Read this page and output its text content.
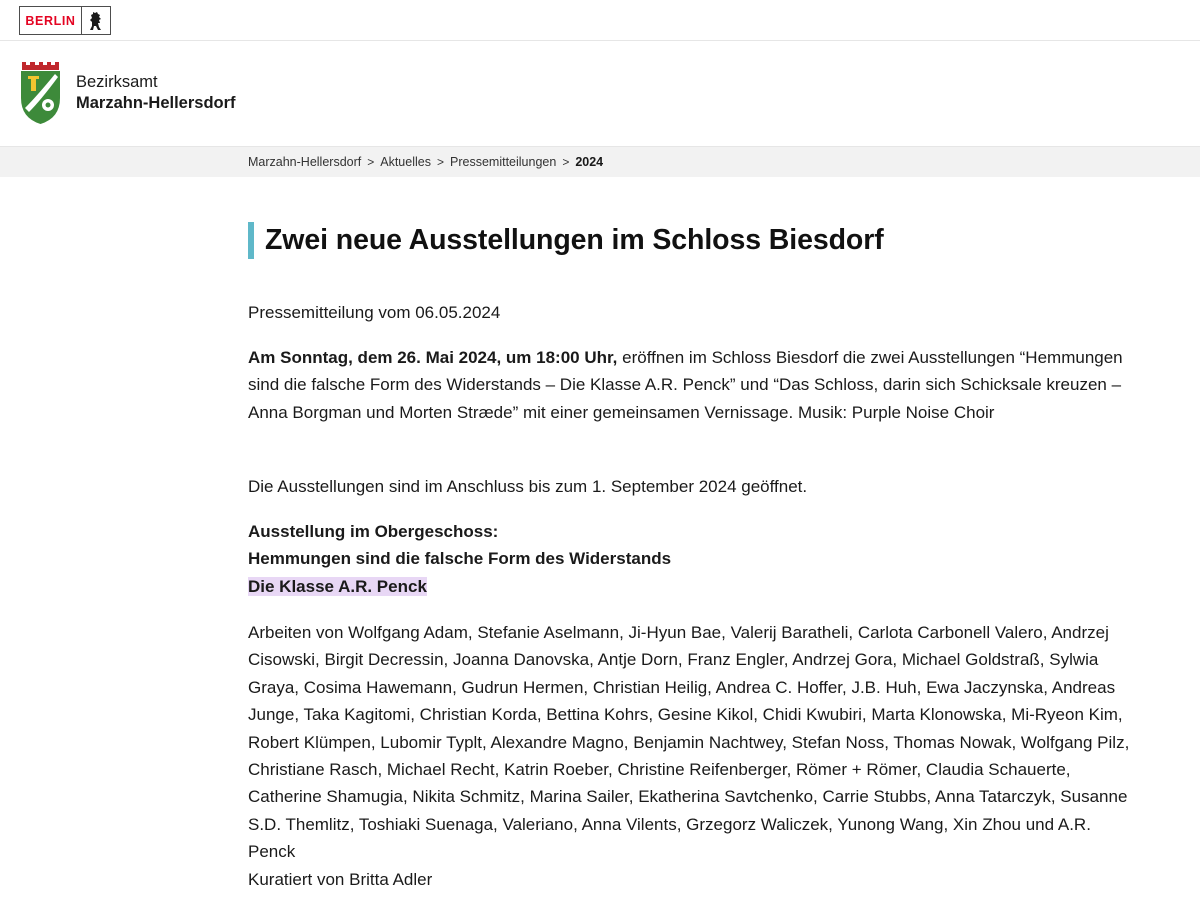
BERLIN
Bezirksamt
Marzahn-Hellersdorf
Marzahn-Hellersdorf > Aktuelles > Pressemitteilungen > 2024
Zwei neue Ausstellungen im Schloss Biesdorf

Pressemitteilung vom 06.05.2024

Am Sonntag, dem 26. Mai 2024, um 18:00 Uhr, eröffnen im Schloss Biesdorf die zwei Ausstellungen “Hemmungen sind die falsche Form des Widerstands – Die Klasse A.R. Penck” und “Das Schloss, darin sich Schicksale kreuzen – Anna Borgman und Morten Stræde” mit einer gemeinsamen Vernissage. Musik: Purple Noise Choir

Die Ausstellungen sind im Anschluss bis zum 1. September 2024 geöffnet.

Ausstellung im Obergeschoss:
Hemmungen sind die falsche Form des Widerstands
Die Klasse A.R. Penck

Arbeiten von Wolfgang Adam, Stefanie Aselmann, Ji-Hyun Bae, Valerij Baratheli, Carlota Carbonell Valero, Andrzej Cisowski, Birgit Decressin, Joanna Danovska, Antje Dorn, Franz Engler, Andrzej Gora, Michael Goldstraß, Sylwia Graya, Cosima Hawemann, Gudrun Hermen, Christian Heilig, Andrea C. Hoffer, J.B. Huh, Ewa Jaczynska, Andreas Junge, Taka Kagitomi, Christian Korda, Bettina Kohrs, Gesine Kikol, Chidi Kwubiri, Marta Klonowska, Mi-Ryeon Kim, Robert Klümpen, Lubomir Typlt, Alexandre Magno, Benjamin Nachtwey, Stefan Noss, Thomas Nowak, Wolfgang Pilz, Christiane Rasch, Michael Recht, Katrin Roeber, Christine Reifenberger, Römer + Römer, Claudia Schauerte, Catherine Shamugia, Nikita Schmitz, Marina Sailer, Ekatherina Savtchenko, Carrie Stubbs, Anna Tatarczyk, Susanne S.D. Themlitz, Toshiaki Suenaga, Valeriano, Anna Vilents, Grzegorz Waliczek, Yunong Wang, Xin Zhou und A.R. Penck
Kuratiert von Britta Adler
